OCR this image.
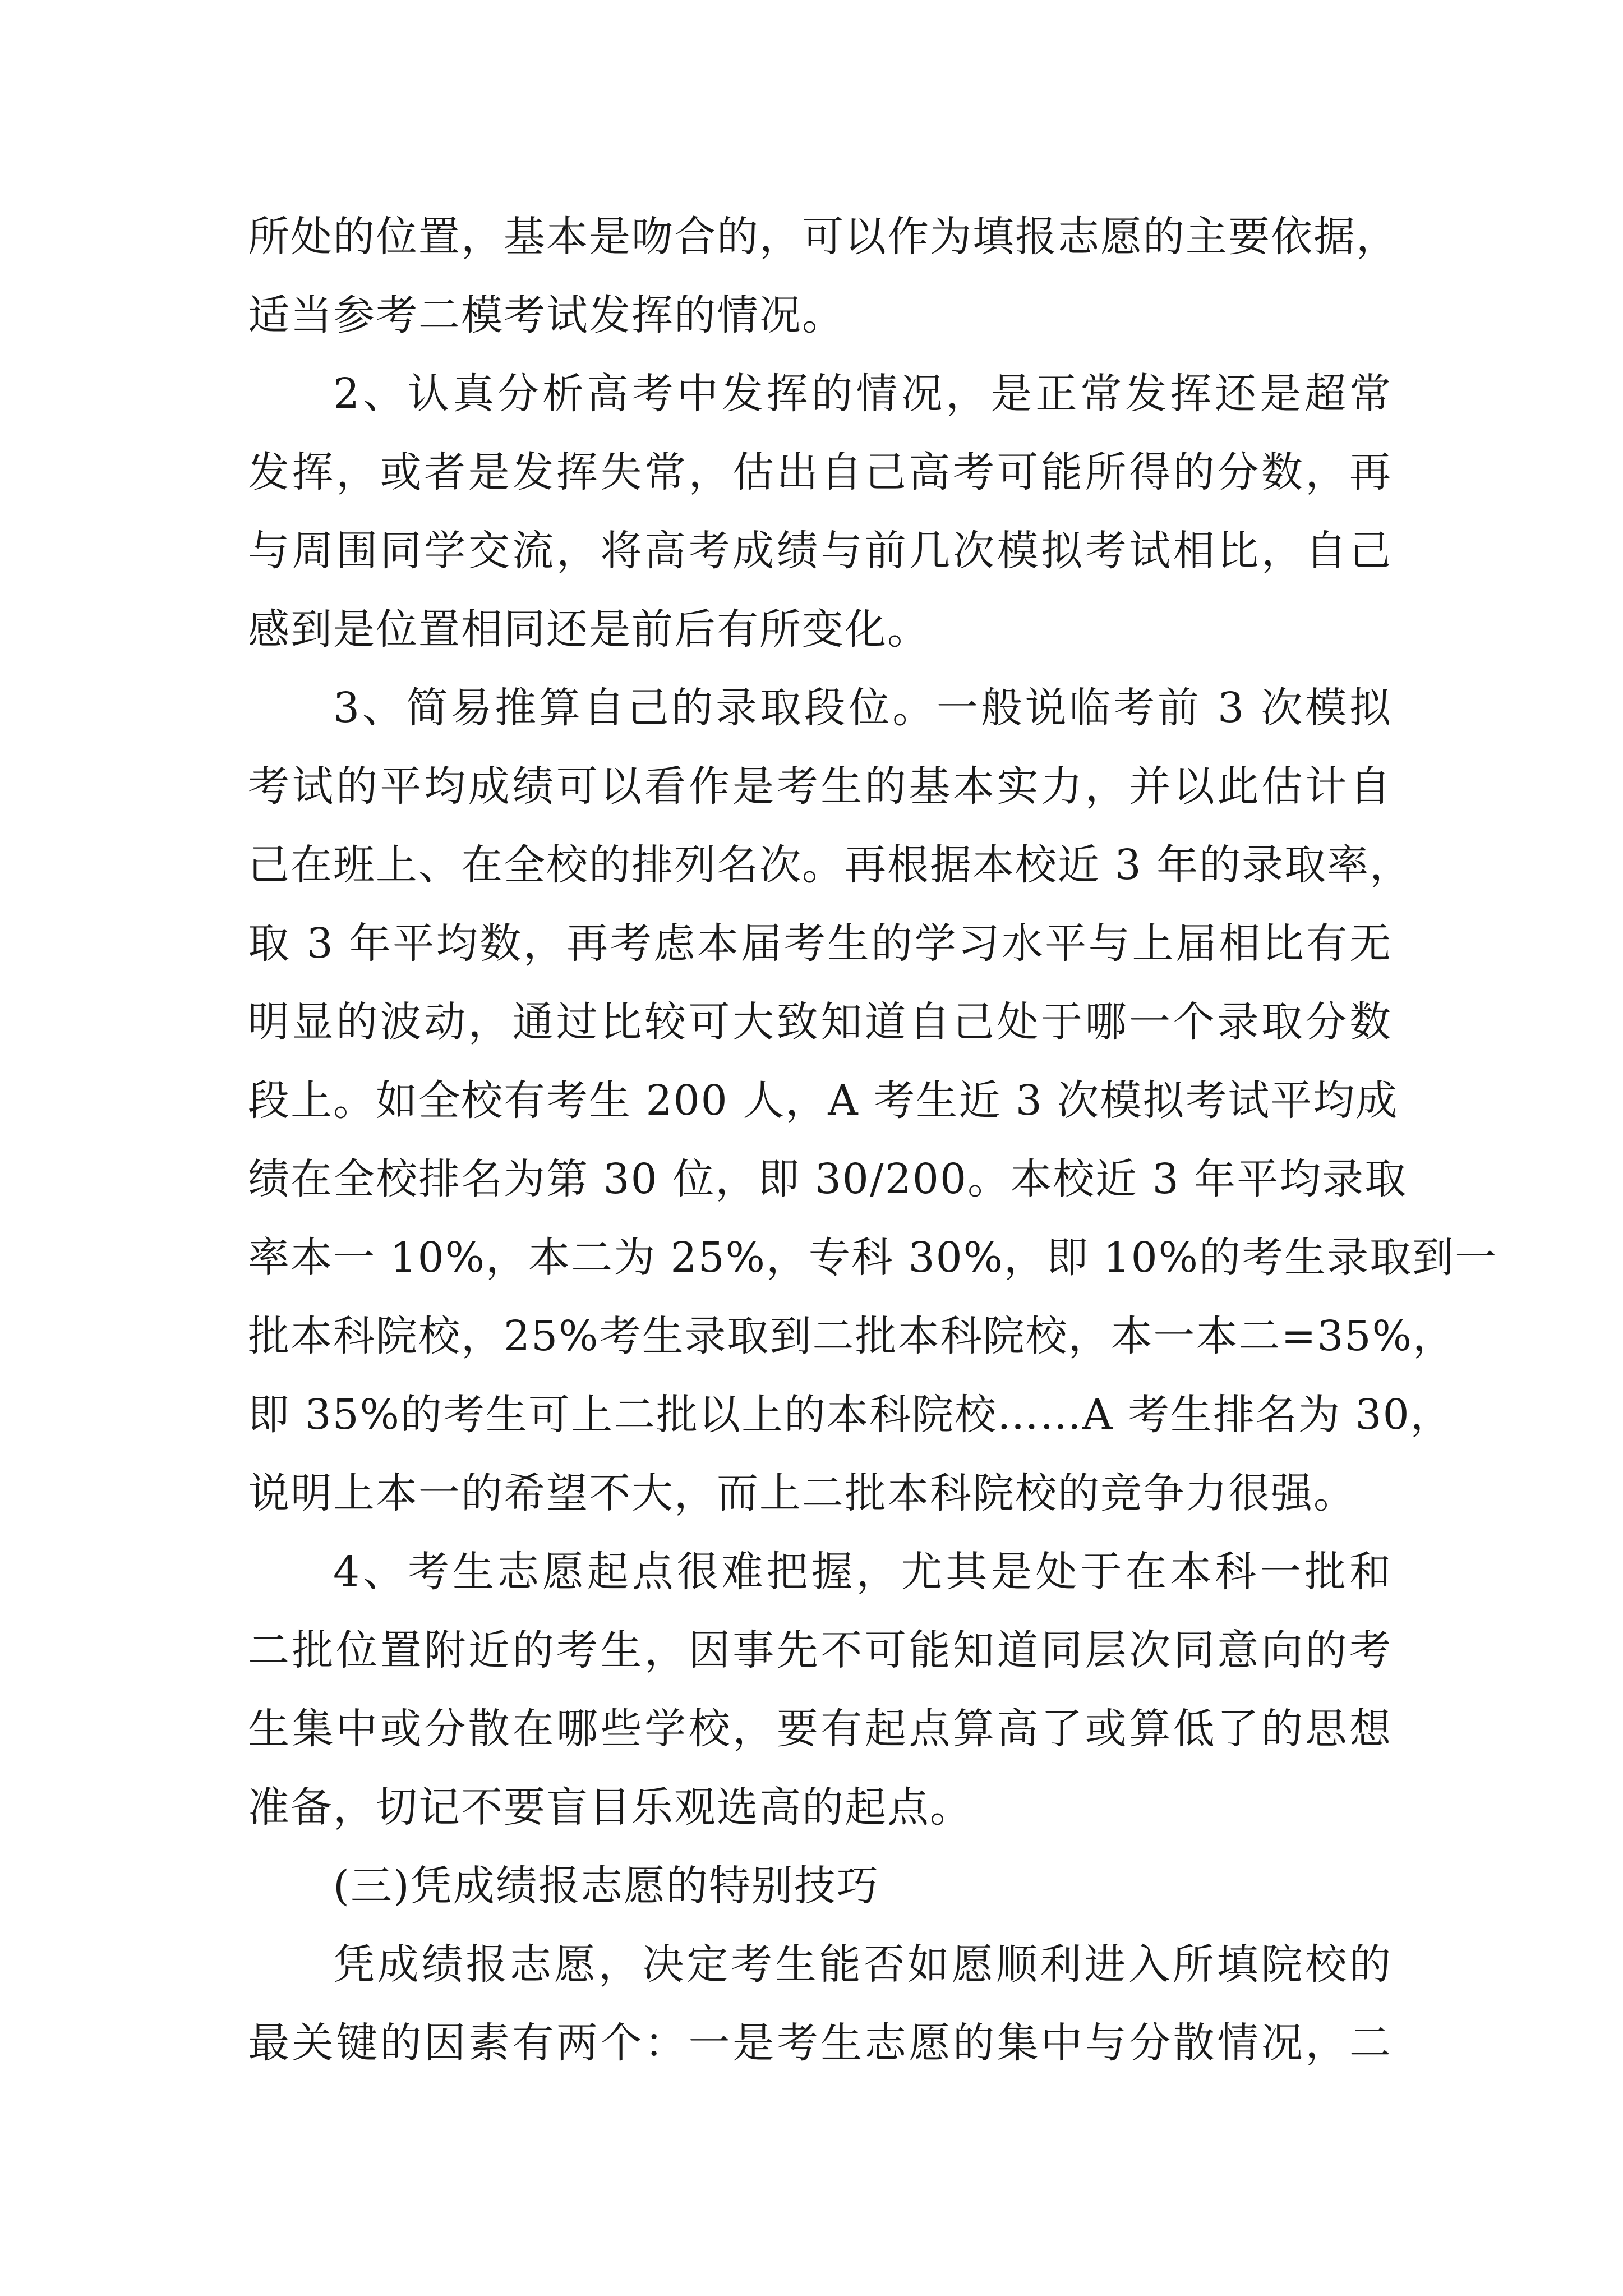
所处的位置，基本是吻合的，可以作为填报志愿的主要依据，
适当参考二模考试发挥的情况。
2、认真分析高考中发挥的情况，是正常发挥还是超常
发挥，或者是发挥失常，估出自己高考可能所得的分数，再
与周围同学交流，将高考成绩与前几次模拟考试相比，自己
感到是位置相同还是前后有所变化。
3、简易推算自己的录取段位。一般说临考前 3 次模拟
考试的平均成绩可以看作是考生的基本实力，并以此估计自
己在班上、在全校的排列名次。再根据本校近 3 年的录取率，
取 3 年平均数，再考虑本届考生的学习水平与上届相比有无
明显的波动，通过比较可大致知道自己处于哪一个录取分数
段上。如全校有考生 200 人，A 考生近 3 次模拟考试平均成
绩在全校排名为第 30 位，即 30/200。本校近 3 年平均录取
率本一 10%，本二为 25%，专科 30%，即 10%的考生录取到一
批本科院校，25%考生录取到二批本科院校，本一本二=35%，
即 35%的考生可上二批以上的本科院校……A 考生排名为 30，
说明上本一的希望不大，而上二批本科院校的竞争力很强。
4、考生志愿起点很难把握，尤其是处于在本科一批和
二批位置附近的考生，因事先不可能知道同层次同意向的考
生集中或分散在哪些学校，要有起点算高了或算低了的思想
准备，切记不要盲目乐观选高的起点。
(三)凭成绩报志愿的特别技巧
凭成绩报志愿，决定考生能否如愿顺利进入所填院校的
最关键的因素有两个：一是考生志愿的集中与分散情况，二
